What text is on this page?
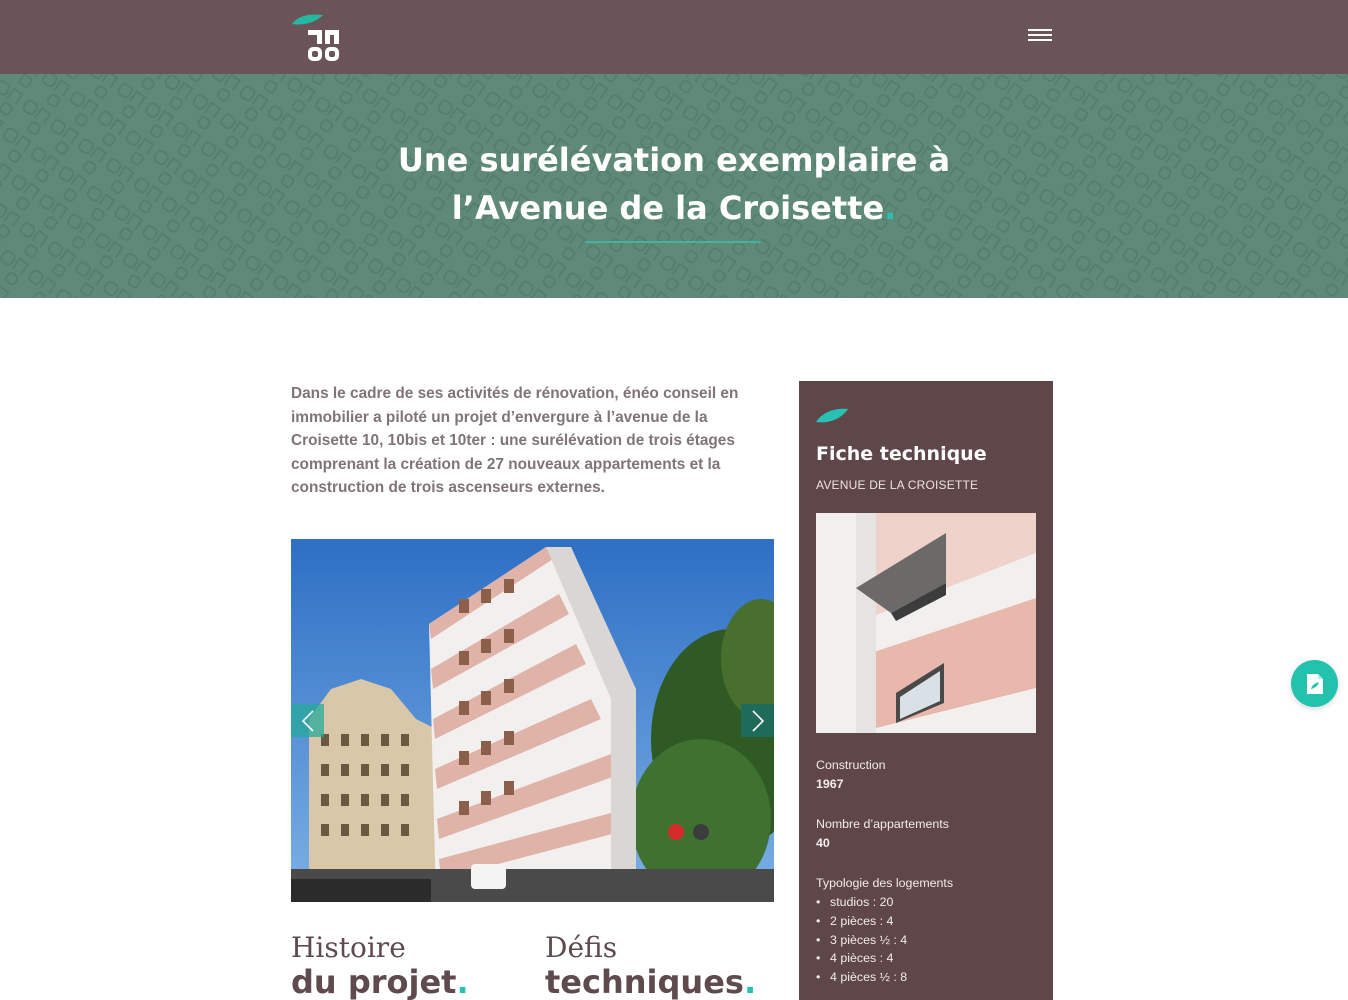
Une surélévation exemplaire à
l’Avenue de la Croisette.

Dans le cadre de ses activités de rénovation, énéo conseil en immobilier a piloté un projet d’envergure à l’avenue de la Croisette 10, 10bis et 10ter : une surélévation de trois étages comprenant la création de 27 nouveaux appartements et la construction de trois ascenseurs externes.

Histoire
du projet.
Défis
techniques.
Fiche technique
AVENUE DE LA CROISETTE
Construction
1967
Nombre d’appartements
40
Typologie des logements
• studios : 20
• 2 pièces : 4
• 3 pièces ½ : 4
• 4 pièces : 4
• 4 pièces ½ : 8
